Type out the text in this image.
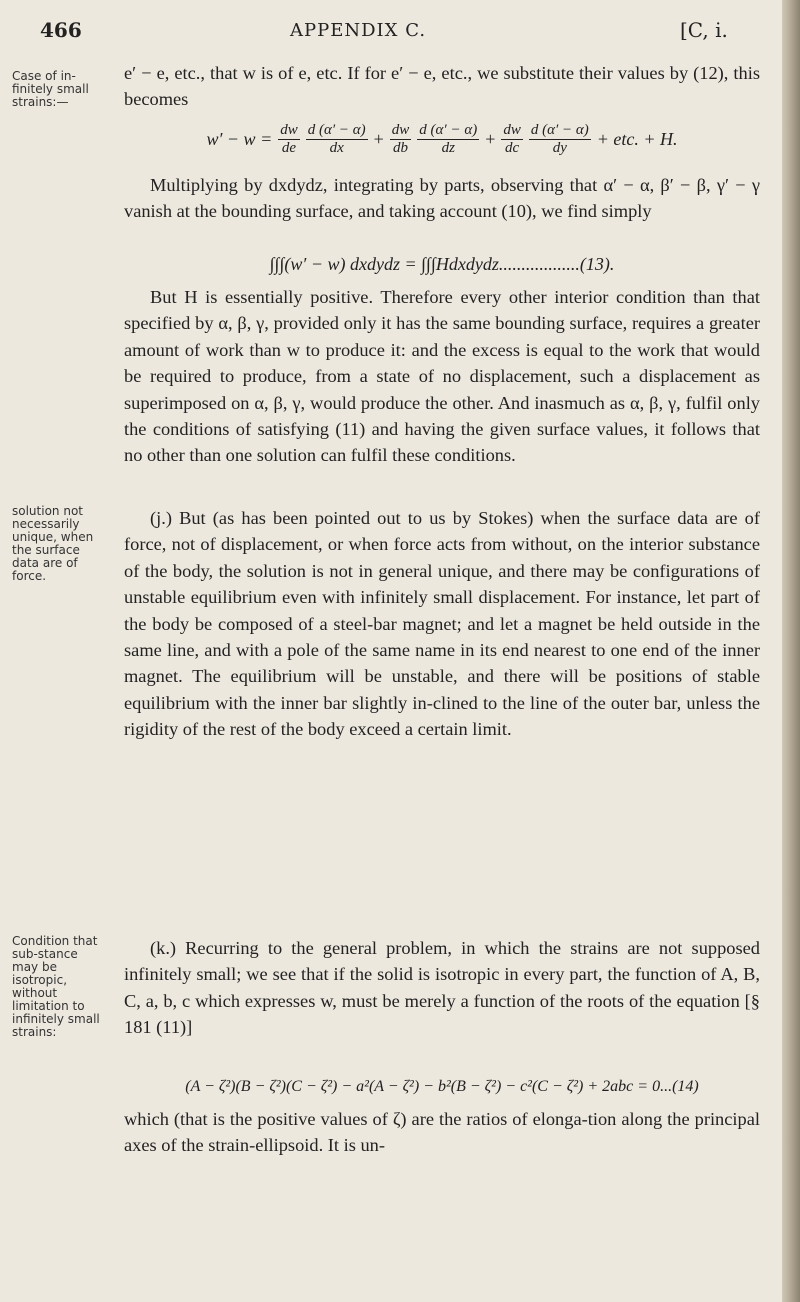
466	APPENDIX C.	[C, i.
Case of in-finitely small strains:—
solution not necessarily unique, when the surface data are of force.
Condition that sub-stance may be isotropic, without limitation to infinitely small strains:

e′ − e, etc., that w is of e, etc. If for e′ − e, etc., we substitute their values by (12), this becomes

$w' - w = \frac{dw}{de} \frac{d (\alpha' - \alpha)}{dx} + \frac{dw}{db} \frac{d (\alpha' - \alpha)}{dz} + \frac{dw}{dc} \frac{d (\alpha' - \alpha)}{dy}$ + etc. + H.

Multiplying by dxdydz, integrating by parts, observing that α′ − α, β′ − β, γ′ − γ vanish at the bounding surface, and taking account (10), we find simply

∫∫∫(w′ − w) dxdydz = ∫∫∫Hdxdydz..................(13).

But H is essentially positive. Therefore every other interior condition than that specified by α, β, γ, provided only it has the same bounding surface, requires a greater amount of work than w to produce it: and the excess is equal to the work that would be required to produce, from a state of no displacement, such a displacement as superimposed on α, β, γ, would produce the other. And inasmuch as α, β, γ, fulfil only the conditions of satisfying (11) and having the given surface values, it follows that no other than one solution can fulfil these conditions.

(j.) But (as has been pointed out to us by Stokes) when the surface data are of force, not of displacement, or when force acts from without, on the interior substance of the body, the solution is not in general unique, and there may be configurations of unstable equilibrium even with infinitely small displacement. For instance, let part of the body be composed of a steel-bar magnet; and let a magnet be held outside in the same line, and with a pole of the same name in its end nearest to one end of the inner magnet. The equilibrium will be unstable, and there will be positions of stable equilibrium with the inner bar slightly in-clined to the line of the outer bar, unless the rigidity of the rest of the body exceed a certain limit.

(k.) Recurring to the general problem, in which the strains are not supposed infinitely small; we see that if the solid is isotropic in every part, the function of A, B, C, a, b, c which expresses w, must be merely a function of the roots of the equation [§ 181 (11)]

(A − ζ²)(B − ζ²)(C − ζ²) − a²(A − ζ²) − b²(B − ζ²) − c²(C − ζ²) + 2abc = 0...(14)

which (that is the positive values of ζ) are the ratios of elonga-tion along the principal axes of the strain-ellipsoid. It is un-
